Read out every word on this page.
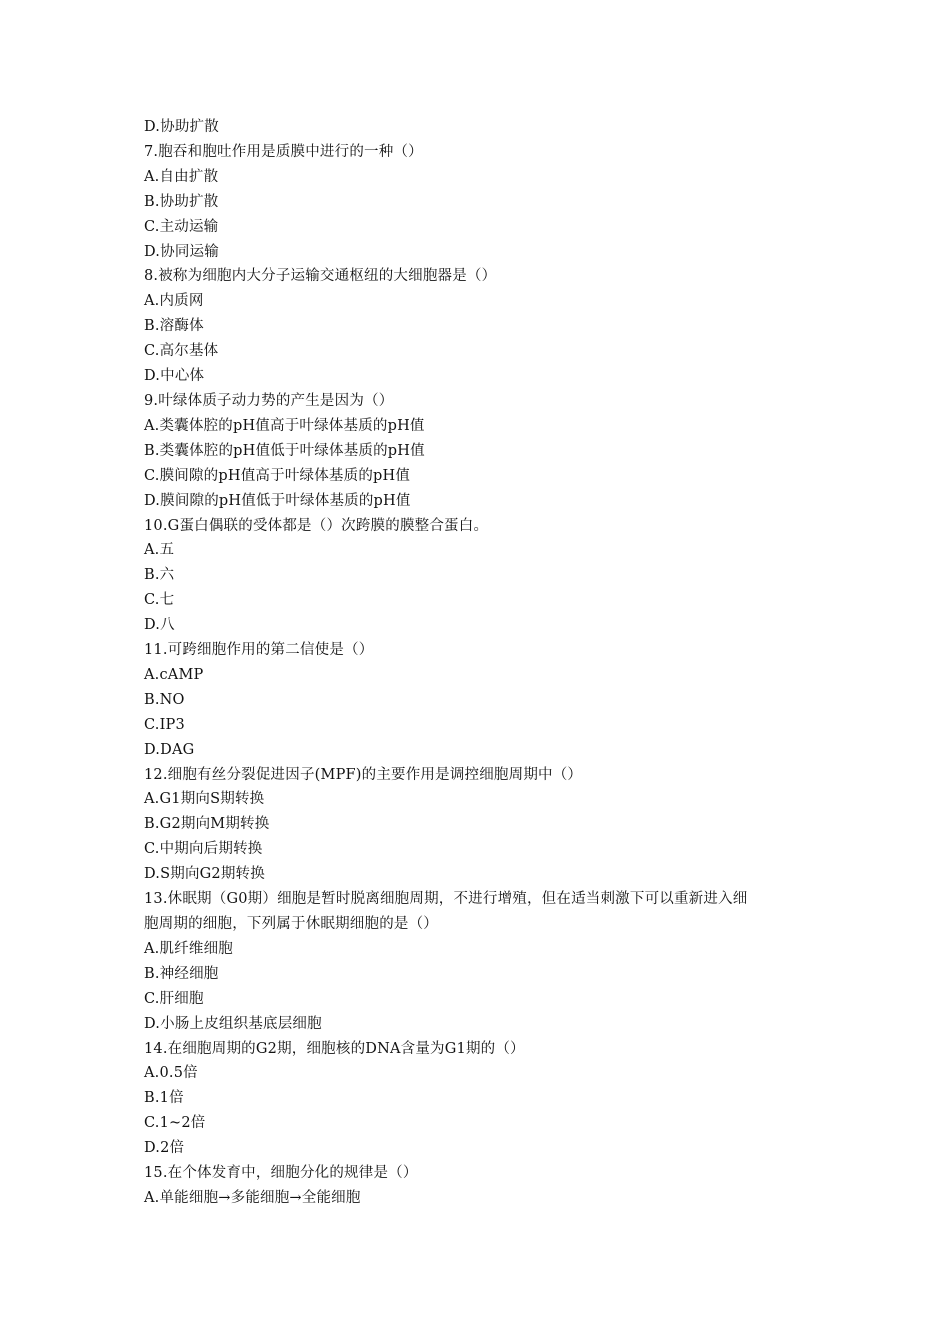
D.协助扩散

7.胞吞和胞吐作用是质膜中进行的一种（）

A.自由扩散

B.协助扩散

C.主动运输

D.协同运输

8.被称为细胞内大分子运输交通枢纽的大细胞器是（）

A.内质网

B.溶酶体

C.高尔基体

D.中心体

9.叶绿体质子动力势的产生是因为（）

A.类囊体腔的pH值高于叶绿体基质的pH值

B.类囊体腔的pH值低于叶绿体基质的pH值

C.膜间隙的pH值高于叶绿体基质的pH值

D.膜间隙的pH值低于叶绿体基质的pH值

10.G蛋白偶联的受体都是（）次跨膜的膜整合蛋白。

A.五

B.六

C.七

D.八

11.可跨细胞作用的第二信使是（）

A.cAMP

B.NO

C.IP3

D.DAG

12.细胞有丝分裂促进因子(MPF)的主要作用是调控细胞周期中（）

A.G1期向S期转换

B.G2期向M期转换

C.中期向后期转换

D.S期向G2期转换

13.休眠期（G0期）细胞是暂时脱离细胞周期，不进行增殖，但在适当刺激下可以重新进入细

胞周期的细胞，下列属于休眠期细胞的是（）

A.肌纤维细胞

B.神经细胞

C.肝细胞

D.小肠上皮组织基底层细胞

14.在细胞周期的G2期，细胞核的DNA含量为G1期的（）

A.0.5倍

B.1倍

C.1~2倍

D.2倍

15.在个体发育中，细胞分化的规律是（）

A.单能细胞→多能细胞→全能细胞
